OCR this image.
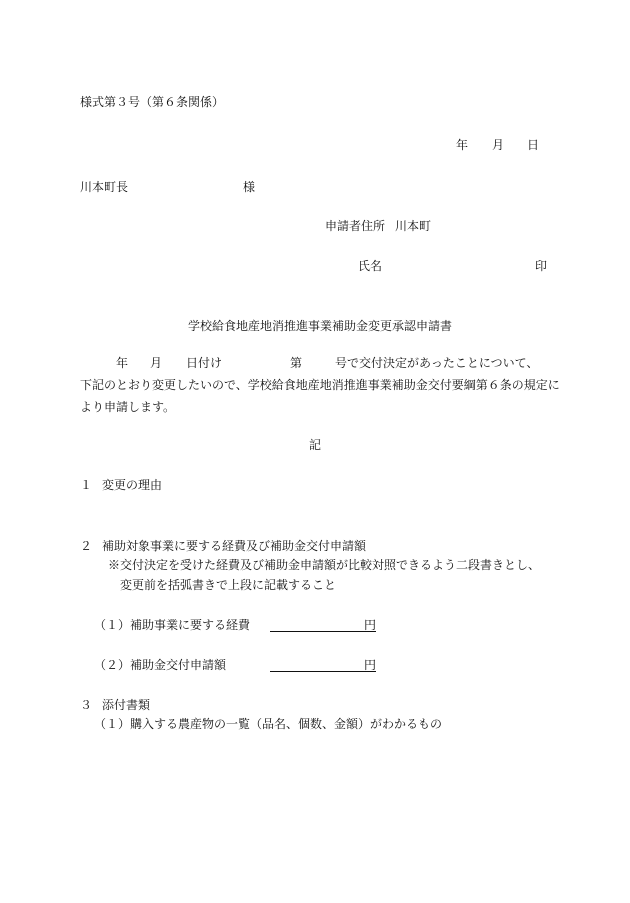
様式第３号（第６条関係）
年 月 日
川本町長	様
申請者住所 川本町
氏名	印
学校給食地産地消推進事業補助金変更承認申請書
年 月 日付け	第	号で交付決定があったことについて、
下記のとおり変更したいので、学校給食地産地消推進事業補助金交付要綱第６条の規定に
より申請します。
記
１ 変更の理由
２ 補助対象事業に要する経費及び補助金交付申請額
※交付決定を受けた経費及び補助金申請額が比較対照できるよう二段書きとし、
変更前を括弧書きで上段に記載すること
（１） 補助事業に要する経費	円
（２） 補助金交付申請額	円
３ 添付書類
（１）購入する農産物の一覧（品名、個数、金額）がわかるもの
